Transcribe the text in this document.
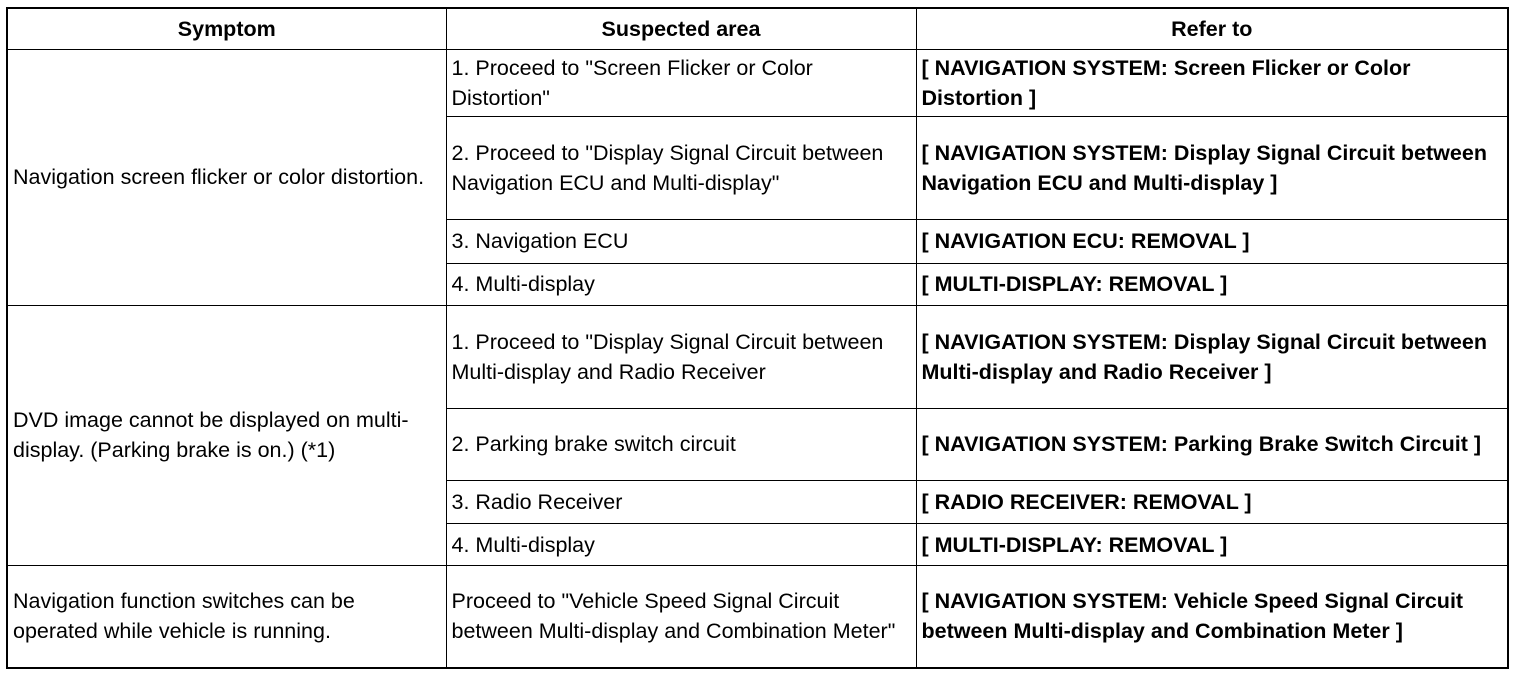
Symptom	Suspected area	Refer to
Navigation screen flicker or color distortion.	1. Proceed to "Screen Flicker or Color Distortion"	[ NAVIGATION SYSTEM: Screen Flicker or Color Distortion ]
	2. Proceed to "Display Signal Circuit between Navigation ECU and Multi-display"	[ NAVIGATION SYSTEM: Display Signal Circuit between Navigation ECU and Multi-display ]
	3. Navigation ECU	[ NAVIGATION ECU: REMOVAL ]
	4. Multi-display	[ MULTI-DISPLAY: REMOVAL ]
DVD image cannot be displayed on multi-display. (Parking brake is on.) (*1)	1. Proceed to "Display Signal Circuit between Multi-display and Radio Receiver	[ NAVIGATION SYSTEM: Display Signal Circuit between Multi-display and Radio Receiver ]
	2. Parking brake switch circuit	[ NAVIGATION SYSTEM: Parking Brake Switch Circuit ]
	3. Radio Receiver	[ RADIO RECEIVER: REMOVAL ]
	4. Multi-display	[ MULTI-DISPLAY: REMOVAL ]
Navigation function switches can be operated while vehicle is running.	Proceed to "Vehicle Speed Signal Circuit between Multi-display and Combination Meter"	[ NAVIGATION SYSTEM: Vehicle Speed Signal Circuit between Multi-display and Combination Meter ]
